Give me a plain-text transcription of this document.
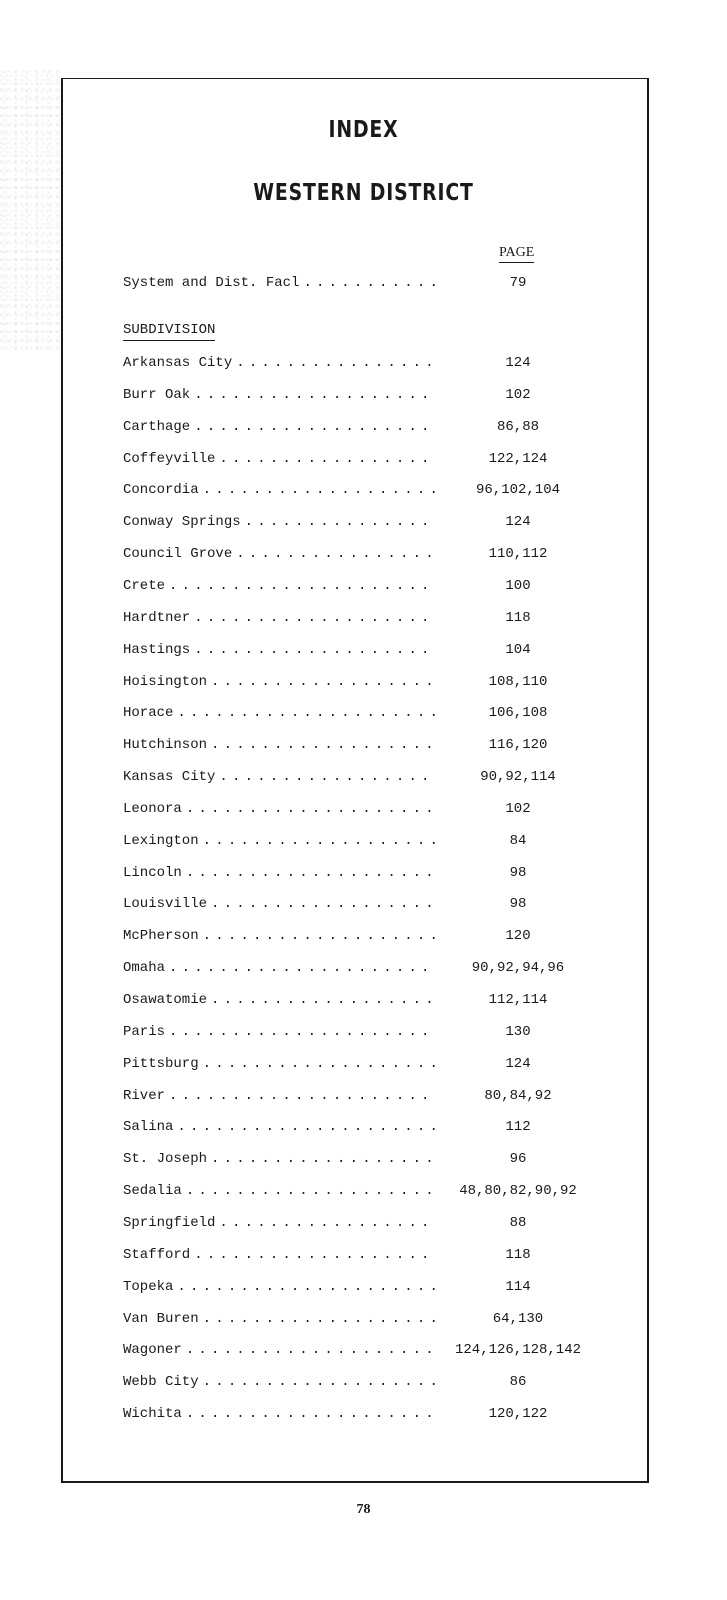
INDEX
WESTERN DISTRICT
PAGE
System and Dist. Facl ...........	79
SUBDIVISION
Arkansas City ................	124
Burr Oak ...................	102
Carthage ...................	86,88
Coffeyville .................	122,124
Concordia ................... 96,102,104
Conway Springs ...............	124
Council Grove ................	110,112
Crete .....................	100
Hardtner ...................	118
Hastings ...................	104
Hoisington ..................	108,110
Horace .....................	106,108
Hutchinson ..................	116,120
Kansas City .................	90,92,114
Leonora ....................	102
Lexington ...................	84
Lincoln ....................	98
Louisville ..................	98
McPherson ...................	120
Omaha .....................	90,92,94,96
Osawatomie ..................	112,114
Paris .....................	130
Pittsburg ...................	124
River .....................	80,84,92
Salina .....................	112
St. Joseph ..................	96
Sedalia .................... 48,80,82,90,92
Springfield .................	88
Stafford ...................	118
Topeka .....................	114
Van Buren ...................	64,130
Wagoner .................... 124,126,128,142
Webb City ...................	86
Wichita ....................	120,122
78
